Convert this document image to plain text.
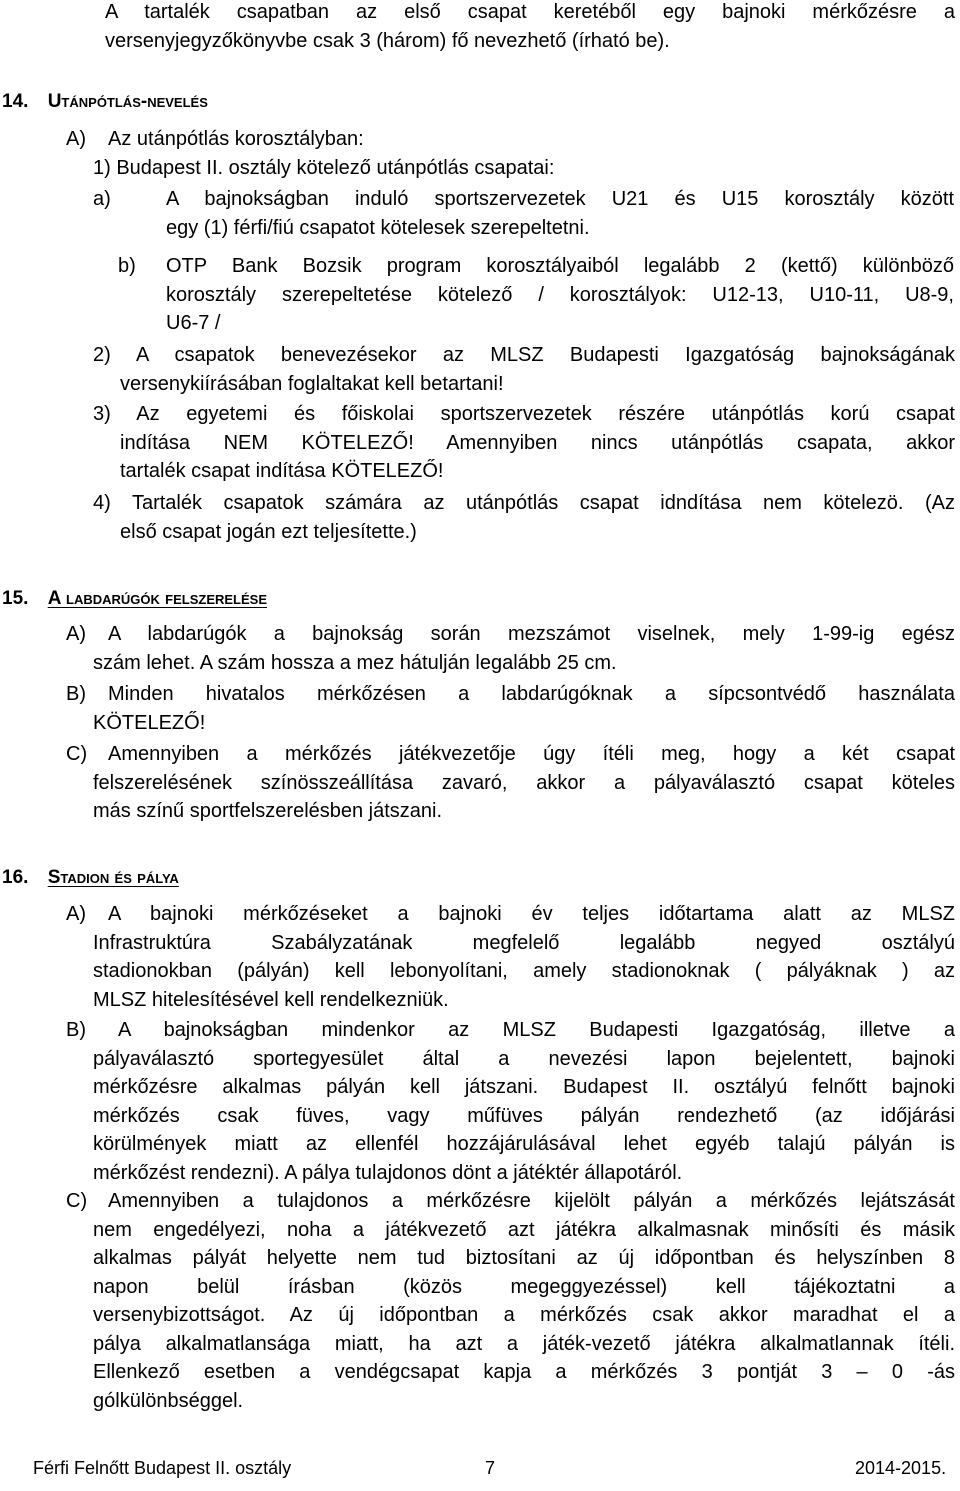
A tartalék csapatban az első csapat keretéből egy bajnoki mérkőzésre a
versenyjegyzőkönyvbe csak 3 (három) fő nevezhető (írható be).
14. Utánpótlás-nevelés
A) Az utánpótlás korosztályban:
1) Budapest II. osztály kötelező utánpótlás csapatai:
a)	A bajnokságban induló sportszervezetek U21 és U15 korosztály között
egy (1) férfi/fiú csapatot kötelesek szerepeltetni.
b) OTP Bank Bozsik program korosztályaiból legalább 2 (kettő) különböző
korosztály szerepeltetése kötelező / korosztályok: U12-13, U10-11, U8-9,
U6-7 /
2) A csapatok benevezésekor az MLSZ Budapesti Igazgatóság bajnokságának
versenykiírásában foglaltakat kell betartani!
3) Az egyetemi és főiskolai sportszervezetek részére utánpótlás korú csapat
indítása NEM KÖTELEZŐ! Amennyiben nincs utánpótlás csapata, akkor
tartalék csapat indítása KÖTELEZŐ!
4) Tartalék csapatok számára az utánpótlás csapat idndítása nem kötelezö. (Az
első csapat jogán ezt teljesítette.)
15. A labdarúgók felszerelése
A) A labdarúgók a bajnokság során mezszámot viselnek, mely 1-99-ig egész
szám lehet. A szám hossza a mez hátulján legalább 25 cm.
B) Minden hivatalos mérkőzésen a labdarúgóknak a sípcsontvédő használata
KÖTELEZŐ!
C) Amennyiben a mérkőzés játékvezetője úgy ítéli meg, hogy a két csapat
felszerelésének színösszeállítása zavaró, akkor a pályaválasztó csapat köteles
más színű sportfelszerelésben játszani.
16. Stadion és pálya
A) A bajnoki mérkőzéseket a bajnoki év teljes időtartama alatt az MLSZ
Infrastruktúra Szabályzatának megfelelő legalább negyed osztályú
stadionokban (pályán) kell lebonyolítani, amely stadionoknak ( pályáknak ) az
MLSZ hitelesítésével kell rendelkezniük.
B) A bajnokságban mindenkor az MLSZ Budapesti Igazgatóság, illetve a
pályaválasztó sportegyesület által a nevezési lapon bejelentett, bajnoki
mérkőzésre alkalmas pályán kell játszani. Budapest II. osztályú felnőtt bajnoki
mérkőzés csak füves, vagy műfüves pályán rendezhető (az időjárási
körülmények miatt az ellenfél hozzájárulásával lehet egyéb talajú pályán is
mérkőzést rendezni). A pálya tulajdonos dönt a játéktér állapotáról.
C) Amennyiben a tulajdonos a mérkőzésre kijelölt pályán a mérkőzés lejátszását
nem engedélyezi, noha a játékvezető azt játékra alkalmasnak minősíti és másik
alkalmas pályát helyette nem tud biztosítani az új időpontban és helyszínben 8
napon belül írásban (közös megeggyezéssel) kell tájékoztatni a
versenybizottságot. Az új időpontban a mérkőzés csak akkor maradhat el a
pálya alkalmatlansága miatt, ha azt a játék-vezető játékra alkalmatlannak ítéli.
Ellenkező esetben a vendégcsapat kapja a mérkőzés 3 pontját 3 – 0 -ás
gólkülönbséggel.
Férfi Felnőtt Budapest II. osztály	7	2014-2015.
